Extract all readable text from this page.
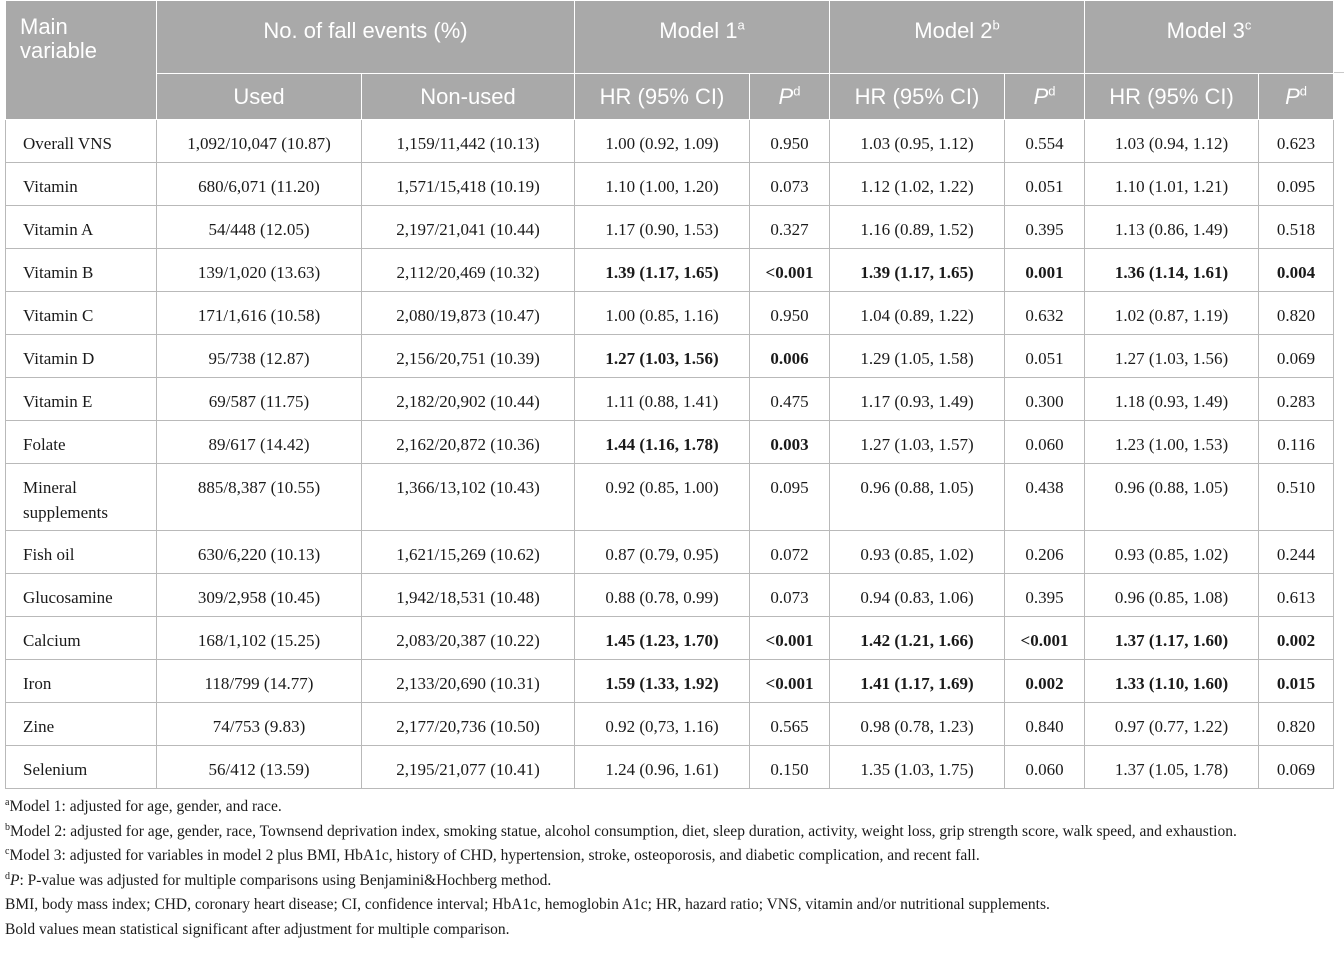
Main
variable	No. of fall events (%)		Model 1$^a$		Model 2$^b$		Model 3$^c$
	Used	Non-used	HR (95% CI)	$P^d$	HR (95% CI)	$P^d$	HR (95% CI)	$P^d$

Overall VNS	1,092/10,047 (10.87)	1,159/11,442 (10.13)	1.00 (0.92, 1.09)	0.950	1.03 (0.95, 1.12)	0.554	1.03 (0.94, 1.12)	0.623

Vitamin	680/6,071 (11.20)	1,571/15,418 (10.19)	1.10 (1.00, 1.20)	0.073	1.12 (1.02, 1.22)	0.051	1.10 (1.01, 1.21)	0.095

Vitamin A	54/448 (12.05)	2,197/21,041 (10.44)	1.17 (0.90, 1.53)	0.327	1.16 (0.89, 1.52)	0.395	1.13 (0.86, 1.49)	0.518

Vitamin B	139/1,020 (13.63)	2,112/20,469 (10.32)	1.39 (1.17, 1.65)	<0.001	1.39 (1.17, 1.65)	0.001	1.36 (1.14, 1.61)	0.004

Vitamin C	171/1,616 (10.58)	2,080/19,873 (10.47)	1.00 (0.85, 1.16)	0.950	1.04 (0.89, 1.22)	0.632	1.02 (0.87, 1.19)	0.820

Vitamin D	95/738 (12.87)	2,156/20,751 (10.39)	1.27 (1.03, 1.56)	0.006	1.29 (1.05, 1.58)	0.051	1.27 (1.03, 1.56)	0.069

Vitamin E	69/587 (11.75)	2,182/20,902 (10.44)	1.11 (0.88, 1.41)	0.475	1.17 (0.93, 1.49)	0.300	1.18 (0.93, 1.49)	0.283

Folate	89/617 (14.42)	2,162/20,872 (10.36)	1.44 (1.16, 1.78)	0.003	1.27 (1.03, 1.57)	0.060	1.23 (1.00, 1.53)	0.116

Mineral supplements	885/8,387 (10.55)	1,366/13,102 (10.43)	0.92 (0.85, 1.00)	0.095	0.96 (0.88, 1.05)	0.438	0.96 (0.88, 1.05)	0.510

Fish oil	630/6,220 (10.13)	1,621/15,269 (10.62)	0.87 (0.79, 0.95)	0.072	0.93 (0.85, 1.02)	0.206	0.93 (0.85, 1.02)	0.244

Glucosamine	309/2,958 (10.45)	1,942/18,531 (10.48)	0.88 (0.78, 0.99)	0.073	0.94 (0.83, 1.06)	0.395	0.96 (0.85, 1.08)	0.613

Calcium	168/1,102 (15.25)	2,083/20,387 (10.22)	1.45 (1.23, 1.70)	<0.001	1.42 (1.21, 1.66)	<0.001	1.37 (1.17, 1.60)	0.002

Iron	118/799 (14.77)	2,133/20,690 (10.31)	1.59 (1.33, 1.92)	<0.001	1.41 (1.17, 1.69)	0.002	1.33 (1.10, 1.60)	0.015

Zine	74/753 (9.83)	2,177/20,736 (10.50)	0.92 (0,73, 1.16)	0.565	0.98 (0.78, 1.23)	0.840	0.97 (0.77, 1.22)	0.820

Selenium	56/412 (13.59)	2,195/21,077 (10.41)	1.24 (0.96, 1.61)	0.150	1.35 (1.03, 1.75)	0.060	1.37 (1.05, 1.78)	0.069

$^a$Model 1: adjusted for age, gender, and race.

$^b$Model 2: adjusted for age, gender, race, Townsend deprivation index, smoking statue, alcohol consumption, diet, sleep duration, activity, weight loss, grip strength score, walk speed, and exhaustion.

$^c$Model 3: adjusted for variables in model 2 plus BMI, HbA1c, history of CHD, hypertension, stroke, osteoporosis, and diabetic complication, and recent fall.

$^d$P: P-value was adjusted for multiple comparisons using Benjamini&Hochberg method.

BMI, body mass index; CHD, coronary heart disease; CI, confidence interval; HbA1c, hemoglobin A1c; HR, hazard ratio; VNS, vitamin and/or nutritional supplements.

Bold values mean statistical significant after adjustment for multiple comparison.
